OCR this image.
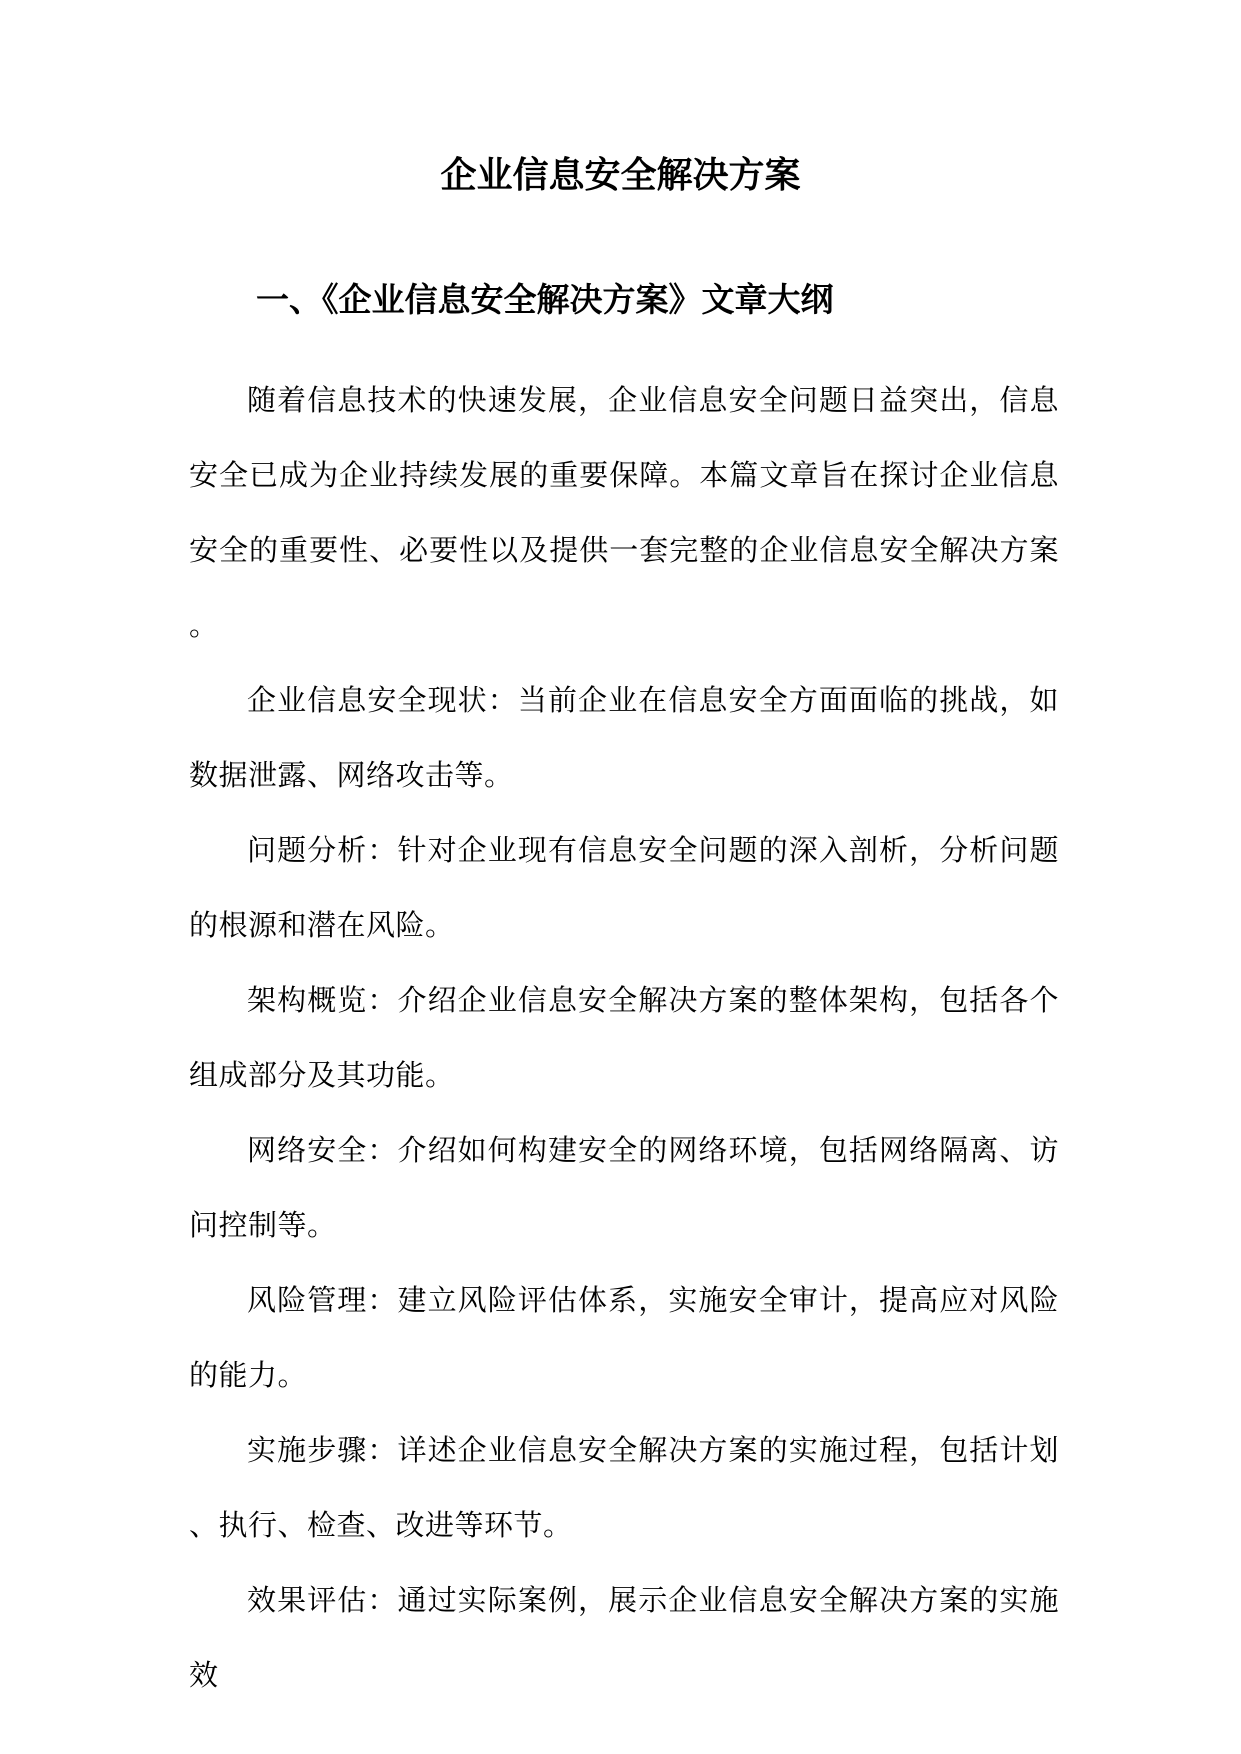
企业信息安全解决方案
一、《企业信息安全解决方案》文章大纲

随着信息技术的快速发展，企业信息安全问题日益突出，信息安全已成为企业持续发展的重要保障。本篇文章旨在探讨企业信息安全的重要性、必要性以及提供一套完整的企业信息安全解决方案。

企业信息安全现状：当前企业在信息安全方面面临的挑战，如数据泄露、网络攻击等。

问题分析：针对企业现有信息安全问题的深入剖析，分析问题的根源和潜在风险。

架构概览：介绍企业信息安全解决方案的整体架构，包括各个组成部分及其功能。

网络安全：介绍如何构建安全的网络环境，包括网络隔离、访问控制等。

风险管理：建立风险评估体系，实施安全审计，提高应对风险的能力。

实施步骤：详述企业信息安全解决方案的实施过程，包括计划、执行、检查、改进等环节。

效果评估：通过实际案例，展示企业信息安全解决方案的实施效
